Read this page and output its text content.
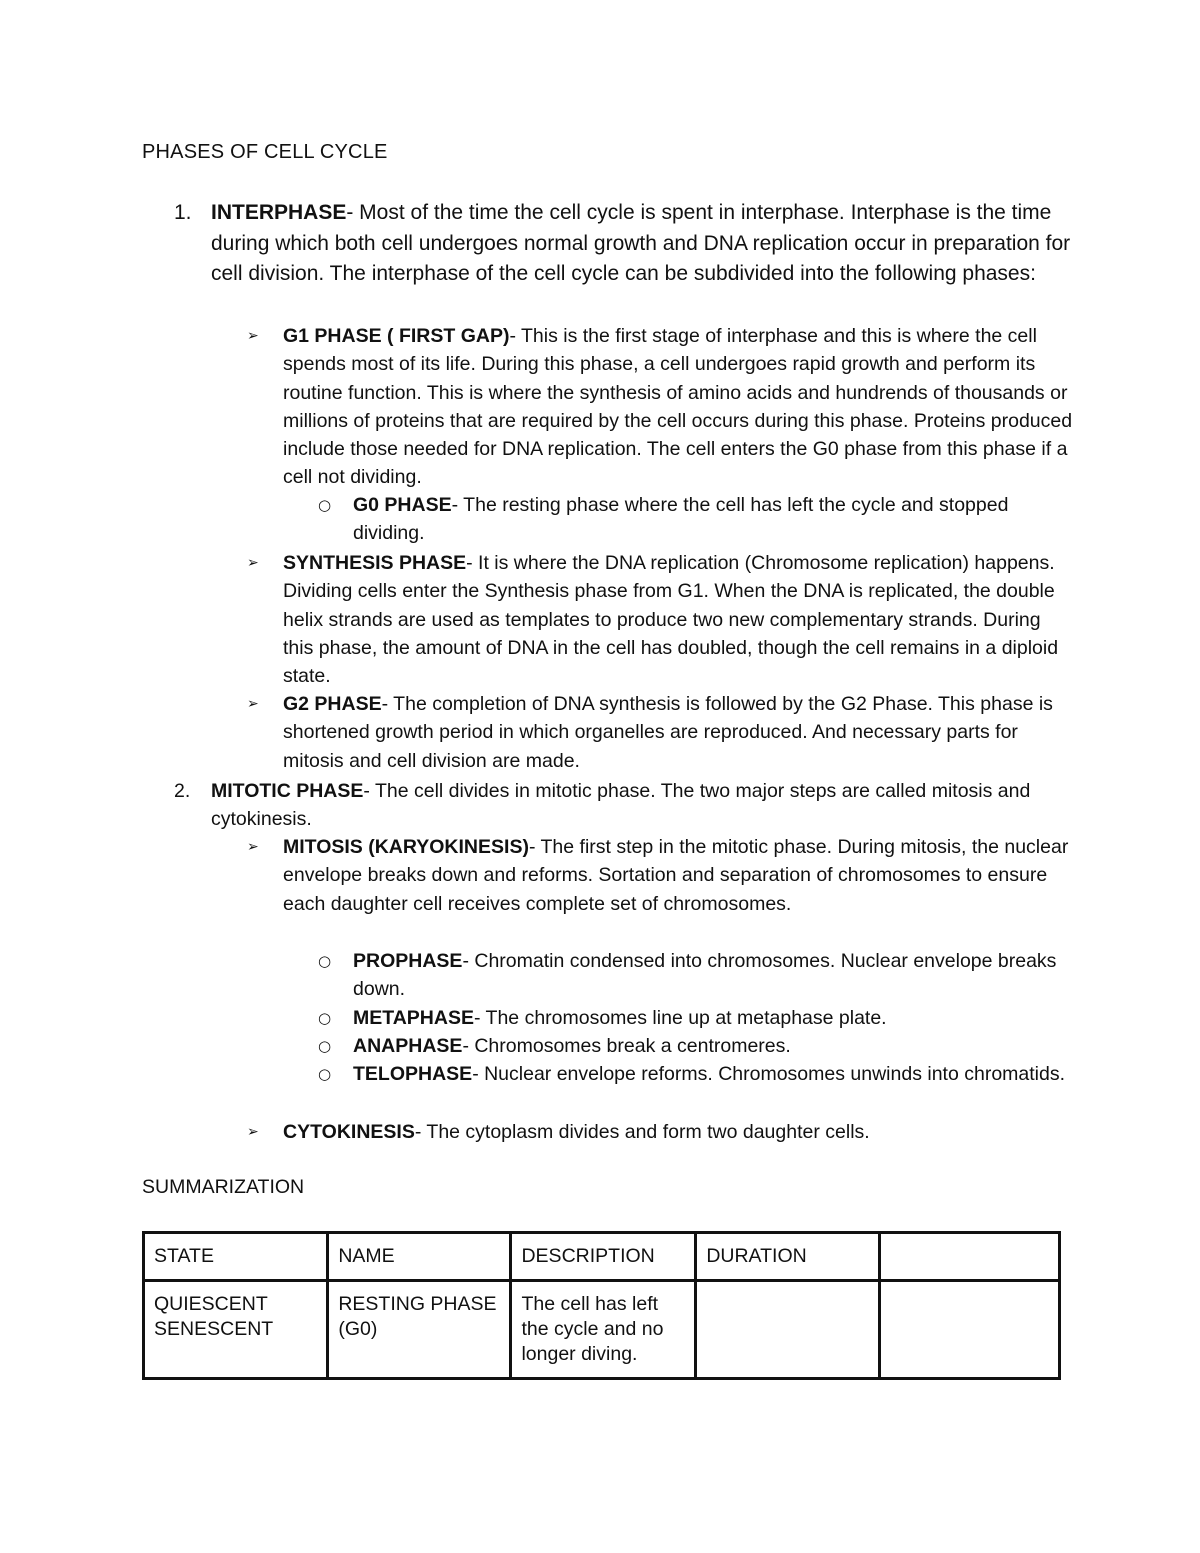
PHASES OF CELL CYCLE
1. INTERPHASE- Most of the time the cell cycle is spent in interphase. Interphase is the time during which both cell undergoes normal growth and DNA replication occur in preparation for cell division. The interphase of the cell cycle can be subdivided into the following phases:
➢ G1 PHASE ( FIRST GAP)- This is the first stage of interphase and this is where the cell spends most of its life. During this phase, a cell undergoes rapid growth and perform its routine function. This is where the synthesis of amino acids and hundrends of thousands or millions of proteins that are required by the cell occurs during this phase. Proteins produced include those needed for DNA replication. The cell enters the G0 phase from this phase if a cell not dividing.
○ G0 PHASE- The resting phase where the cell has left the cycle and stopped dividing.
➢ SYNTHESIS PHASE- It is where the DNA replication (Chromosome replication) happens. Dividing cells enter the Synthesis phase from G1. When the DNA is replicated, the double helix strands are used as templates to produce two new complementary strands. During this phase, the amount of DNA in the cell has doubled, though the cell remains in a diploid state.
➢ G2 PHASE- The completion of DNA synthesis is followed by the G2 Phase. This phase is shortened growth period in which organelles are reproduced. And necessary parts for mitosis and cell division are made.
2. MITOTIC PHASE- The cell divides in mitotic phase. The two major steps are called mitosis and cytokinesis.
➢ MITOSIS (KARYOKINESIS)- The first step in the mitotic phase. During mitosis, the nuclear envelope breaks down and reforms. Sortation and separation of chromosomes to ensure each daughter cell receives complete set of chromosomes.
○ PROPHASE- Chromatin condensed into chromosomes. Nuclear envelope breaks down.
○ METAPHASE- The chromosomes line up at metaphase plate.
○ ANAPHASE- Chromosomes break a centromeres.
○ TELOPHASE- Nuclear envelope reforms. Chromosomes unwinds into chromatids.
➢ CYTOKINESIS- The cytoplasm divides and form two daughter cells.
SUMMARIZATION
STATE	NAME	DESCRIPTION	DURATION	
QUIESCENT SENESCENT	RESTING PHASE (G0)	The cell has left the cycle and no longer diving.		
